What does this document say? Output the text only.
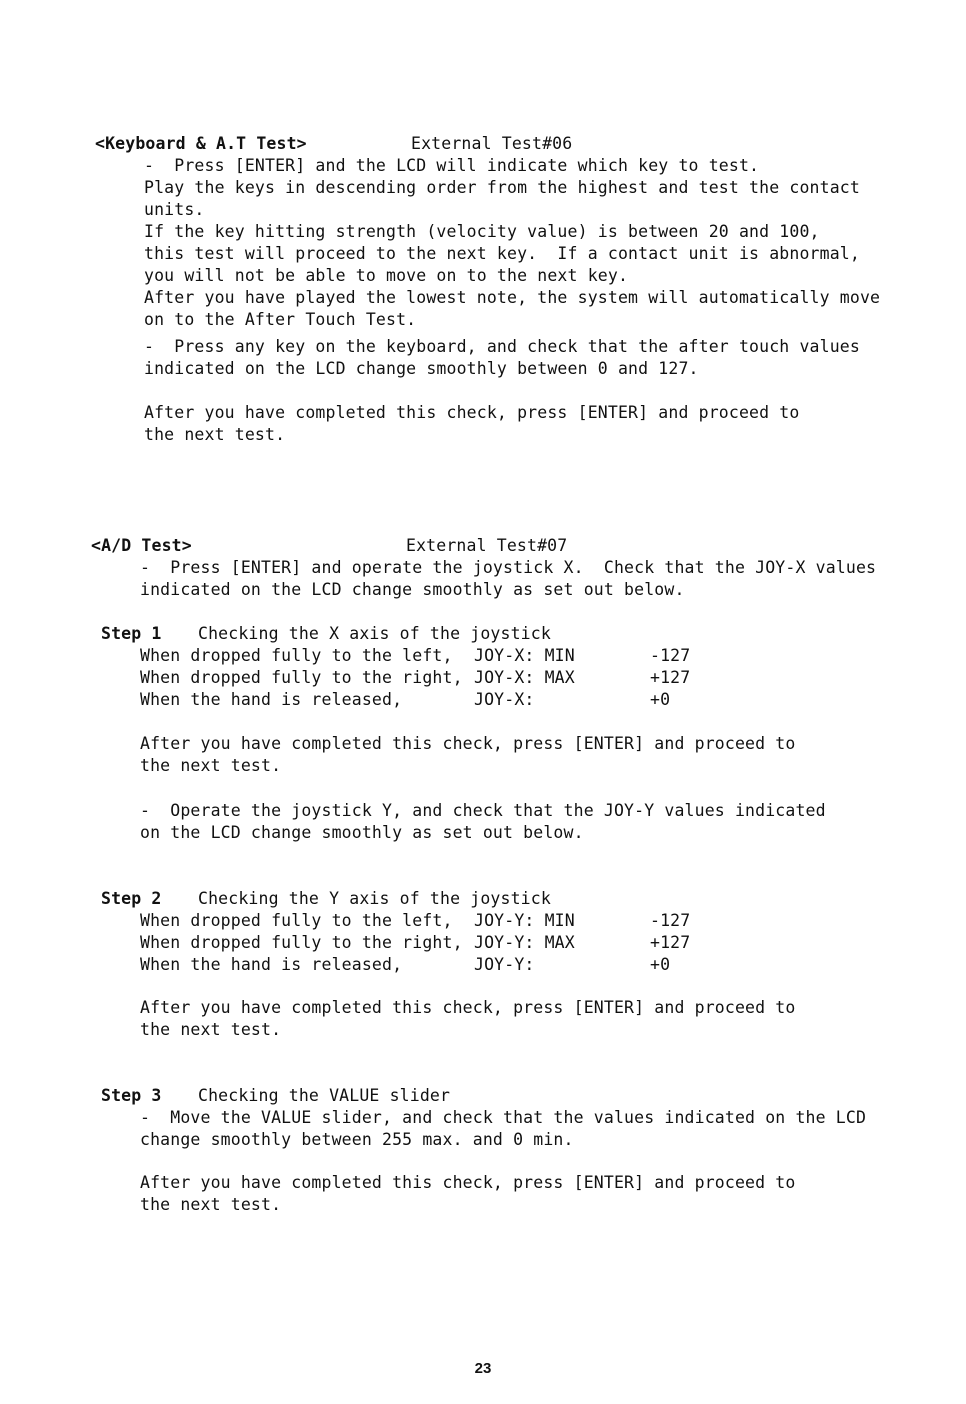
<Keyboard & A.T Test>	External Test#06
-  Press [ENTER] and the LCD will indicate which key to test.
Play the keys in descending order from the highest and test the contact
units.
If the key hitting strength (velocity value) is between 20 and 100,
this test will proceed to the next key.  If a contact unit is abnormal,
you will not be able to move on to the next key.
After you have played the lowest note, the system will automatically move
on to the After Touch Test.
-  Press any key on the keyboard, and check that the after touch values
indicated on the LCD change smoothly between 0 and 127.
After you have completed this check, press [ENTER] and proceed to
the next test.
<A/D Test>	External Test#07
-  Press [ENTER] and operate the joystick X.  Check that the JOY-X values
indicated on the LCD change smoothly as set out below.
Step 1 Checking the X axis of the joystick
When dropped fully to the left, JOY-X: MIN	-127
When dropped fully to the right, JOY-X: MAX	+127
When the hand is released,	JOY-X:	+0
After you have completed this check, press [ENTER] and proceed to
the next test.
-  Operate the joystick Y, and check that the JOY-Y values indicated
on the LCD change smoothly as set out below.
Step 2 Checking the Y axis of the joystick
When dropped fully to the left, JOY-Y: MIN	-127
When dropped fully to the right, JOY-Y: MAX	+127
When the hand is released,	JOY-Y:	+0
After you have completed this check, press [ENTER] and proceed to
the next test.
Step 3 Checking the VALUE slider
-  Move the VALUE slider, and check that the values indicated on the LCD
change smoothly between 255 max. and 0 min.
After you have completed this check, press [ENTER] and proceed to
the next test.
23
